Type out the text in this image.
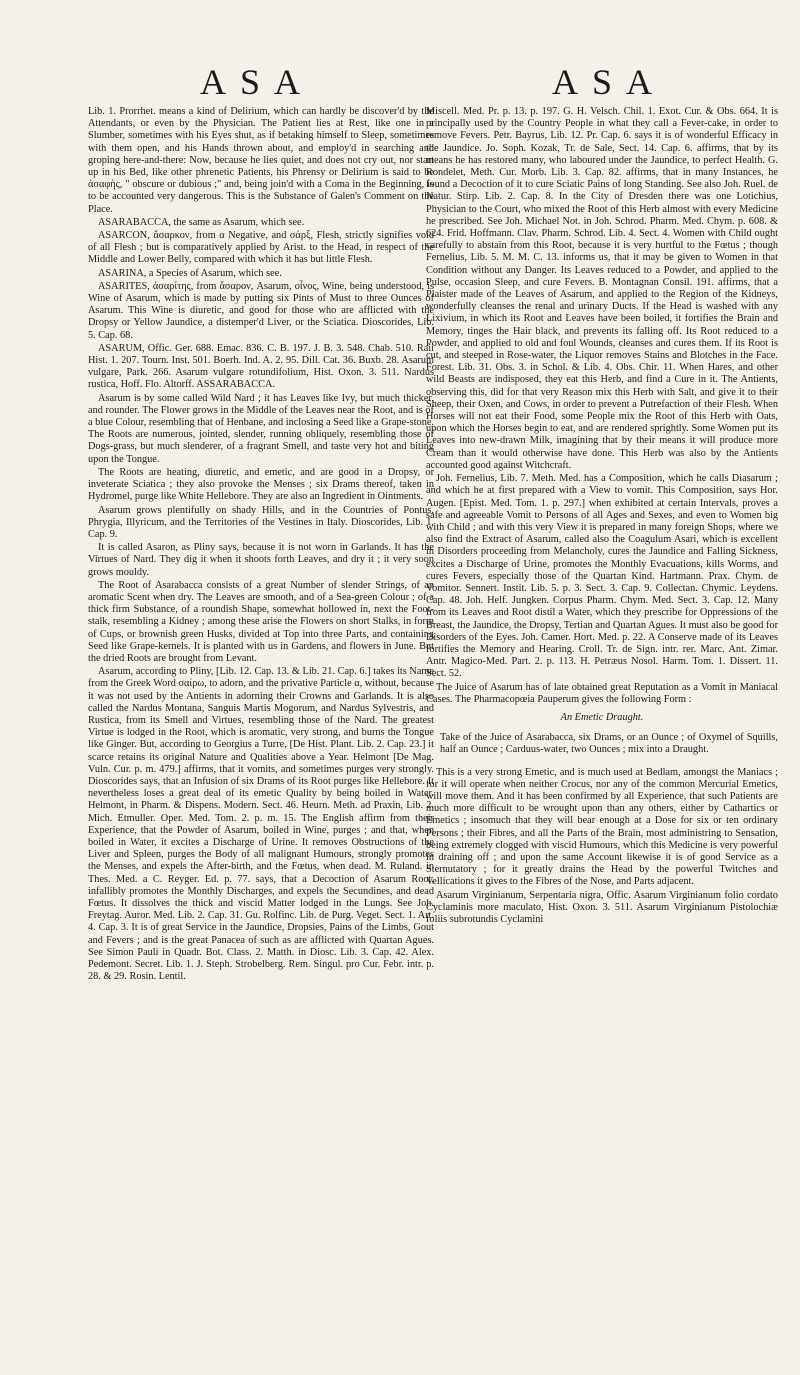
ASA	ASA

Lib. 1. Prorrhet. means a kind of Delirium, which can hardly be discover'd by the Attendants, or even by the Physician. The Patient lies at Rest, like one in a Slumber, sometimes with his Eyes shut, as if betaking himself to Sleep, sometimes with them open, and his Hands thrown about, and employ'd in searching and groping here-and-there: Now, because he lies quiet, and does not cry out, nor start up in his Bed, like other phrenetic Patients, his Phrensy or Delirium is said to be ἀσαφὴς, " obscure or dubious ;" and, being join'd with a Coma in the Beginning, is to be accounted very dangerous. This is the Substance of Galen's Comment on the Place.

ASARABACCA, the same as Asarum, which see.

ASARCON, ἄσαρκον, from α Negative, and σάρξ, Flesh, strictly signifies void of all Flesh ; but is comparatively applied by Arist. to the Head, in respect of the Middle and Lower Belly, compared with which it has but little Flesh.

ASARINA, a Species of Asarum, which see.

ASARITES, ἀσαρίτης, from ἄσαρον, Asarum, οἶνος, Wine, being understood, is Wine of Asarum, which is made by putting six Pints of Must to three Ounces of Asarum. This Wine is diuretic, and good for those who are afflicted with the Dropsy or Yellow Jaundice, a distemper'd Liver, or the Sciatica. Dioscorides, Lib. 5. Cap. 68.

ASARUM, Offic. Ger. 688. Emac. 836. C. B. 197. J. B. 3. 548. Chab. 510. Raii Hist. 1. 207. Tourn. Inst. 501. Boerh. Ind. A. 2. 95. Dill. Cat. 36. Buxb. 28. Asarum vulgare, Park. 266. Asarum vulgare rotundifolium, Hist. Oxon. 3. 511. Nardus rustica, Hoff. Flo. Altorff. ASSARABACCA.

Asarum is by some called Wild Nard ; it has Leaves like Ivy, but much thicker, and rounder. The Flower grows in the Middle of the Leaves near the Root, and is of a blue Colour, resembling that of Henbane, and inclosing a Seed like a Grape-stone. The Roots are numerous, jointed, slender, running obliquely, resembling those of Dogs-grass, but much slenderer, of a fragrant Smell, and taste very hot and biting upon the Tongue.

The Roots are heating, diuretic, and emetic, and are good in a Dropsy, or inveterate Sciatica ; they also provoke the Menses ; six Drams thereof, taken in Hydromel, purge like White Hellebore. They are also an Ingredient in Ointments.

Asarum grows plentifully on shady Hills, and in the Countries of Pontus, Phrygia, Illyricum, and the Territories of the Vestines in Italy. Dioscorides, Lib. 1. Cap. 9.

It is called Asaron, as Pliny says, because it is not worn in Garlands. It has the Virtues of Nard. They dig it when it shoots forth Leaves, and dry it ; it very soon grows mouldy.

The Root of Asarabacca consists of a great Number of slender Strings, of an aromatic Scent when dry. The Leaves are smooth, and of a Sea-green Colour ; of a thick firm Substance, of a roundish Shape, somewhat hollowed in, next the Foot-stalk, resembling a Kidney ; among these arise the Flowers on short Stalks, in form of Cups, or brownish green Husks, divided at Top into three Parts, and containing Seed like Grape-kernels. It is planted with us in Gardens, and flowers in June. But the dried Roots are brought from Levant.

Asarum, according to Pliny, [Lib. 12. Cap. 13. & Lib. 21. Cap. 6.] takes its Name from the Greek Word σαίρω, to adorn, and the privative Particle α, without, because it was not used by the Antients in adorning their Crowns and Garlands. It is also called the Nardus Montana, Sanguis Martis Mogorum, and Nardus Sylvestris, and Rustica, from its Smell and Virtues, resembling those of the Nard. The greatest Virtue is lodged in the Root, which is aromatic, very strong, and burns the Tongue like Ginger. But, according to Georgius a Turre, [De Hist. Plant. Lib. 2. Cap. 23.] it scarce retains its original Nature and Qualities above a Year. Helmont [De Mag. Vuln. Cur. p. m. 479.] affirms, that it vomits, and sometimes purges very strongly. Dioscorides says, that an Infusion of six Drams of its Root purges like Hellebore. It nevertheless loses a great deal of its emetic Quality by being boiled in Water. Helmont, in Pharm. & Dispens. Modern. Sect. 46. Heurn. Meth. ad Praxin, Lib. 2. Mich. Etmuller. Oper. Med. Tom. 2. p. m. 15. The English affirm from their Experience, that the Powder of Asarum, boiled in Wine, purges ; and that, when boiled in Water, it excites a Discharge of Urine. It removes Obstructions of the Liver and Spleen, purges the Body of all malignant Humours, strongly promotes the Menses, and expels the After-birth, and the Fœtus, when dead. M. Ruland. in Thes. Med. a C. Reyger. Ed. p. 77. says, that a Decoction of Asarum Root, infallibly promotes the Monthly Discharges, and expels the Secundines, and dead Fœtus. It dissolves the thick and viscid Matter lodged in the Lungs. See Joh. Freytag. Auror. Med. Lib. 2. Cap. 31. Gu. Rolfinc. Lib. de Purg. Veget. Sect. 1. Art. 4. Cap. 3. It is of great Service in the Jaundice, Dropsies, Pains of the Limbs, Gout and Fevers ; and is the great Panacea of such as are afflicted with Quartan Agues. See Simon Pauli in Quadr. Bot. Class. 2. Matth. in Diosc. Lib. 3. Cap. 42. Alex. Pedemont. Secret. Lib. 1. J. Steph. Strobelberg. Rem. Singul. pro Cur. Febr. intr. p. 28. & 29. Rosin. Lentil.

Miscell. Med. Pr. p. 13. p. 197. G. H. Velsch. Chil. 1. Exot. Cur. & Obs. 664. It is principally used by the Country People in what they call a Fever-cake, in order to remove Fevers. Petr. Bayrus, Lib. 12. Pr. Cap. 6. says it is of wonderful Efficacy in the Jaundice. Jo. Soph. Kozak, Tr. de Sale, Sect. 14. Cap. 6. affirms, that by its means he has restored many, who laboured under the Jaundice, to perfect Health. G. Rondelet, Meth. Cur. Morb. Lib. 3. Cap. 82. affirms, that in many Instances, he found a Decoction of it to cure Sciatic Pains of long Standing. See also Joh. Ruel. de Natur. Stirp. Lib. 2. Cap. 8. In the City of Dresden there was one Lotichius, Physician to the Court, who mixed the Root of this Herb almost with every Medicine he prescribed. See Joh. Michael Not. in Joh. Schrod. Pharm. Med. Chym. p. 608. & 624. Frid. Hoffmann. Clav. Pharm. Schrod. Lib. 4. Sect. 4. Women with Child ought carefully to abstain from this Root, because it is very hurtful to the Fœtus ; though Fernelius, Lib. 5. M. M. C. 13. informs us, that it may be given to Women in that Condition without any Danger. Its Leaves reduced to a Powder, and applied to the Pulse, occasion Sleep, and cure Fevers. B. Montagnan Consil. 191. affirms, that a Plaister made of the Leaves of Asarum, and applied to the Region of the Kidneys, wonderfully cleanses the renal and urinary Ducts. If the Head is washed with any Lixivium, in which its Root and Leaves have been boiled, it fortifies the Brain and Memory, tinges the Hair black, and prevents its falling off. Its Root reduced to a Powder, and applied to old and foul Wounds, cleanses and cures them. If its Root is cut, and steeped in Rose-water, the Liquor removes Stains and Blotches in the Face. Forest. Lib. 31. Obs. 3. in Schol. & Lib. 4. Obs. Chir. 11. When Hares, and other wild Beasts are indisposed, they eat this Herb, and find a Cure in it. The Antients, observing this, did for that very Reason mix this Herb with Salt, and give it to their Sheep, their Oxen, and Cows, in order to prevent a Putrefaction of their Flesh. When Horses will not eat their Food, some People mix the Root of this Herb with Oats, upon which the Horses begin to eat, and are rendered sprightly. Some Women put its Leaves into new-drawn Milk, imagining that by their means it will produce more Cream than it would otherwise have done. This Herb was also by the Antients accounted good against Witchcraft.

Joh. Fernelius, Lib. 7. Meth. Med. has a Composition, which he calls Diasarum ; and which he at first prepared with a View to vomit. This Composition, says Hor. Augen. [Epist. Med. Tom. 1. p. 297.] when exhibited at certain Intervals, proves a safe and agreeable Vomit to Persons of all Ages and Sexes, and even to Women big with Child ; and with this very View it is prepared in many foreign Shops, where we also find the Extract of Asarum, called also the Coagulum Asari, which is excellent in Disorders proceeding from Melancholy, cures the Jaundice and Falling Sickness, excites a Discharge of Urine, promotes the Monthly Evacuations, kills Worms, and cures Fevers, especially those of the Quartan Kind. Hartmann. Prax. Chym. de Vomitor. Sennert. Instit. Lib. 5. p. 3. Sect. 3. Cap. 9. Collectan. Chymic. Leydens. Cap. 48. Joh. Helf. Jungken. Corpus Pharm. Chym. Med. Sect. 3. Cap. 12. Many from its Leaves and Root distil a Water, which they prescribe for Oppressions of the Breast, the Jaundice, the Dropsy, Tertian and Quartan Agues. It must also be good for Disorders of the Eyes. Joh. Camer. Hort. Med. p. 22. A Conserve made of its Leaves fortifies the Memory and Hearing. Croll. Tr. de Sign. intr. rer. Marc. Ant. Zimar. Antr. Magico-Med. Part. 2. p. 113. H. Petræus Nosol. Harm. Tom. 1. Dissert. 11. Sect. 52.

The Juice of Asarum has of late obtained great Reputation as a Vomit in Maniacal Cases. The Pharmacopœia Pauperum gives the following Form :

An Emetic Draught.

Take of the Juice of Asarabacca, six Drams, or an Ounce ; of Oxymel of Squills, half an Ounce ; Carduus-water, two Ounces ; mix into a Draught.

This is a very strong Emetic, and is much used at Bedlam, amongst the Maniacs ; for it will operate when neither Crocus, nor any of the common Mercurial Emetics, will move them. And it has been confirmed by all Experience, that such Patients are much more difficult to be wrought upon than any others, either by Cathartics or Emetics ; insomuch that they will bear enough at a Dose for six or ten ordinary Persons ; their Fibres, and all the Parts of the Brain, most administring to Sensation, being extremely clogged with viscid Humours, which this Medicine is very powerful in draining off ; and upon the same Account likewise it is of good Service as a Sternutatory ; for it greatly drains the Head by the powerful Twitches and Vellications it gives to the Fibres of the Nose, and Parts adjacent.

Asarum Virginianum, Serpentaria nigra, Offic. Asarum Virginianum folio cordato Cyclaminis more maculato, Hist. Oxon. 3. 511. Asarum Virginianum Pistolochiæ foliis subrotundis Cyclamini
